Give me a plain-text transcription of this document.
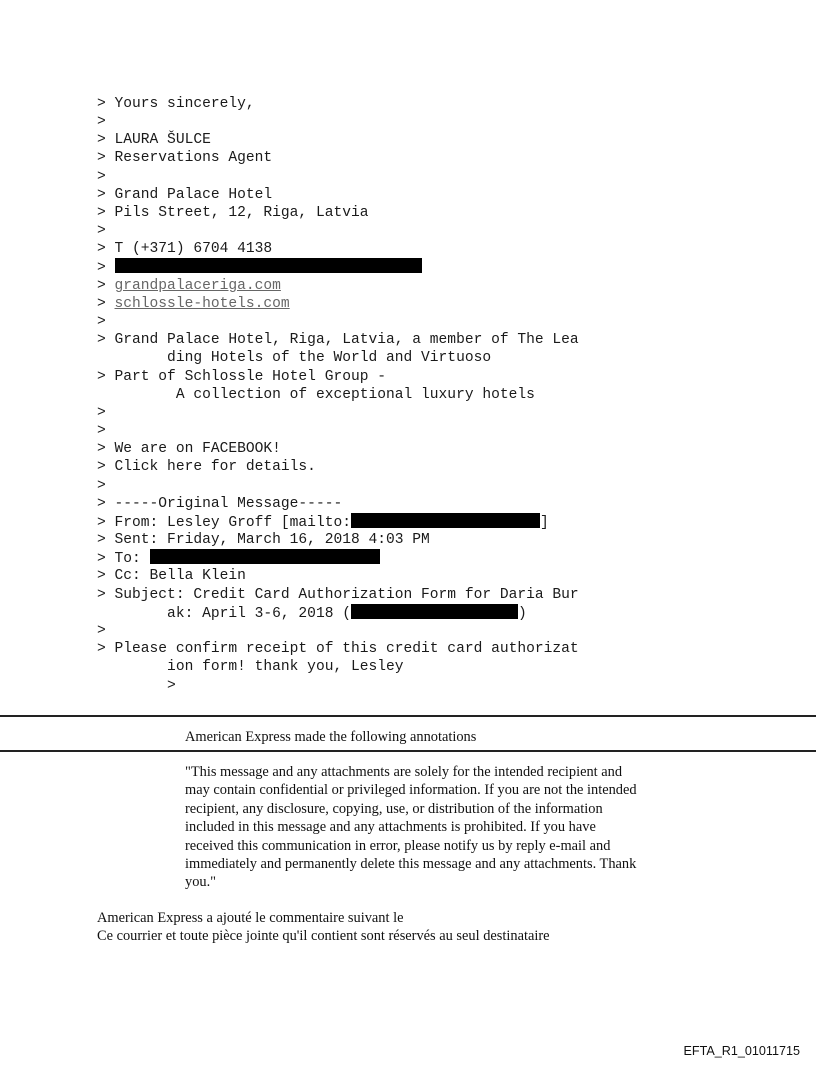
> Yours sincerely,
>
> LAURA ŠULCE
> Reservations Agent
>
> Grand Palace Hotel
> Pils Street, 12, Riga, Latvia
>
> T (+371) 6704 4138
>
> grandpalaceriga.com
> schlossle-hotels.com
>
> Grand Palace Hotel, Riga, Latvia, a member of The Lea
ding Hotels of the World and Virtuoso
> Part of Schlossle Hotel Group -
A collection of exceptional luxury hotels
>
>
> We are on FACEBOOK!
> Click here for details.
>
> -----Original Message-----
> From: Lesley Groff [mailto:	]
> Sent: Friday, March 16, 2018 4:03 PM
> To:
> Cc: Bella Klein
> Subject: Credit Card Authorization Form for Daria Bur
ak: April 3-6, 2018 (	)
>
> Please confirm receipt of this credit card authorizat
ion form! thank you, Lesley
>
American Express made the following annotations
"This message and any attachments are solely for the intended recipient and may contain confidential or privileged information. If you are not the intended recipient, any disclosure, copying, use, or distribution of the information included in this message and any attachments is prohibited. If you have received this communication in error, please notify us by reply e-mail and immediately and permanently delete this message and any attachments. Thank you."
American Express a ajouté le commentaire suivant le
Ce courrier et toute pièce jointe qu'il contient sont réservés au seul destinataire
EFTA_R1_01011715
